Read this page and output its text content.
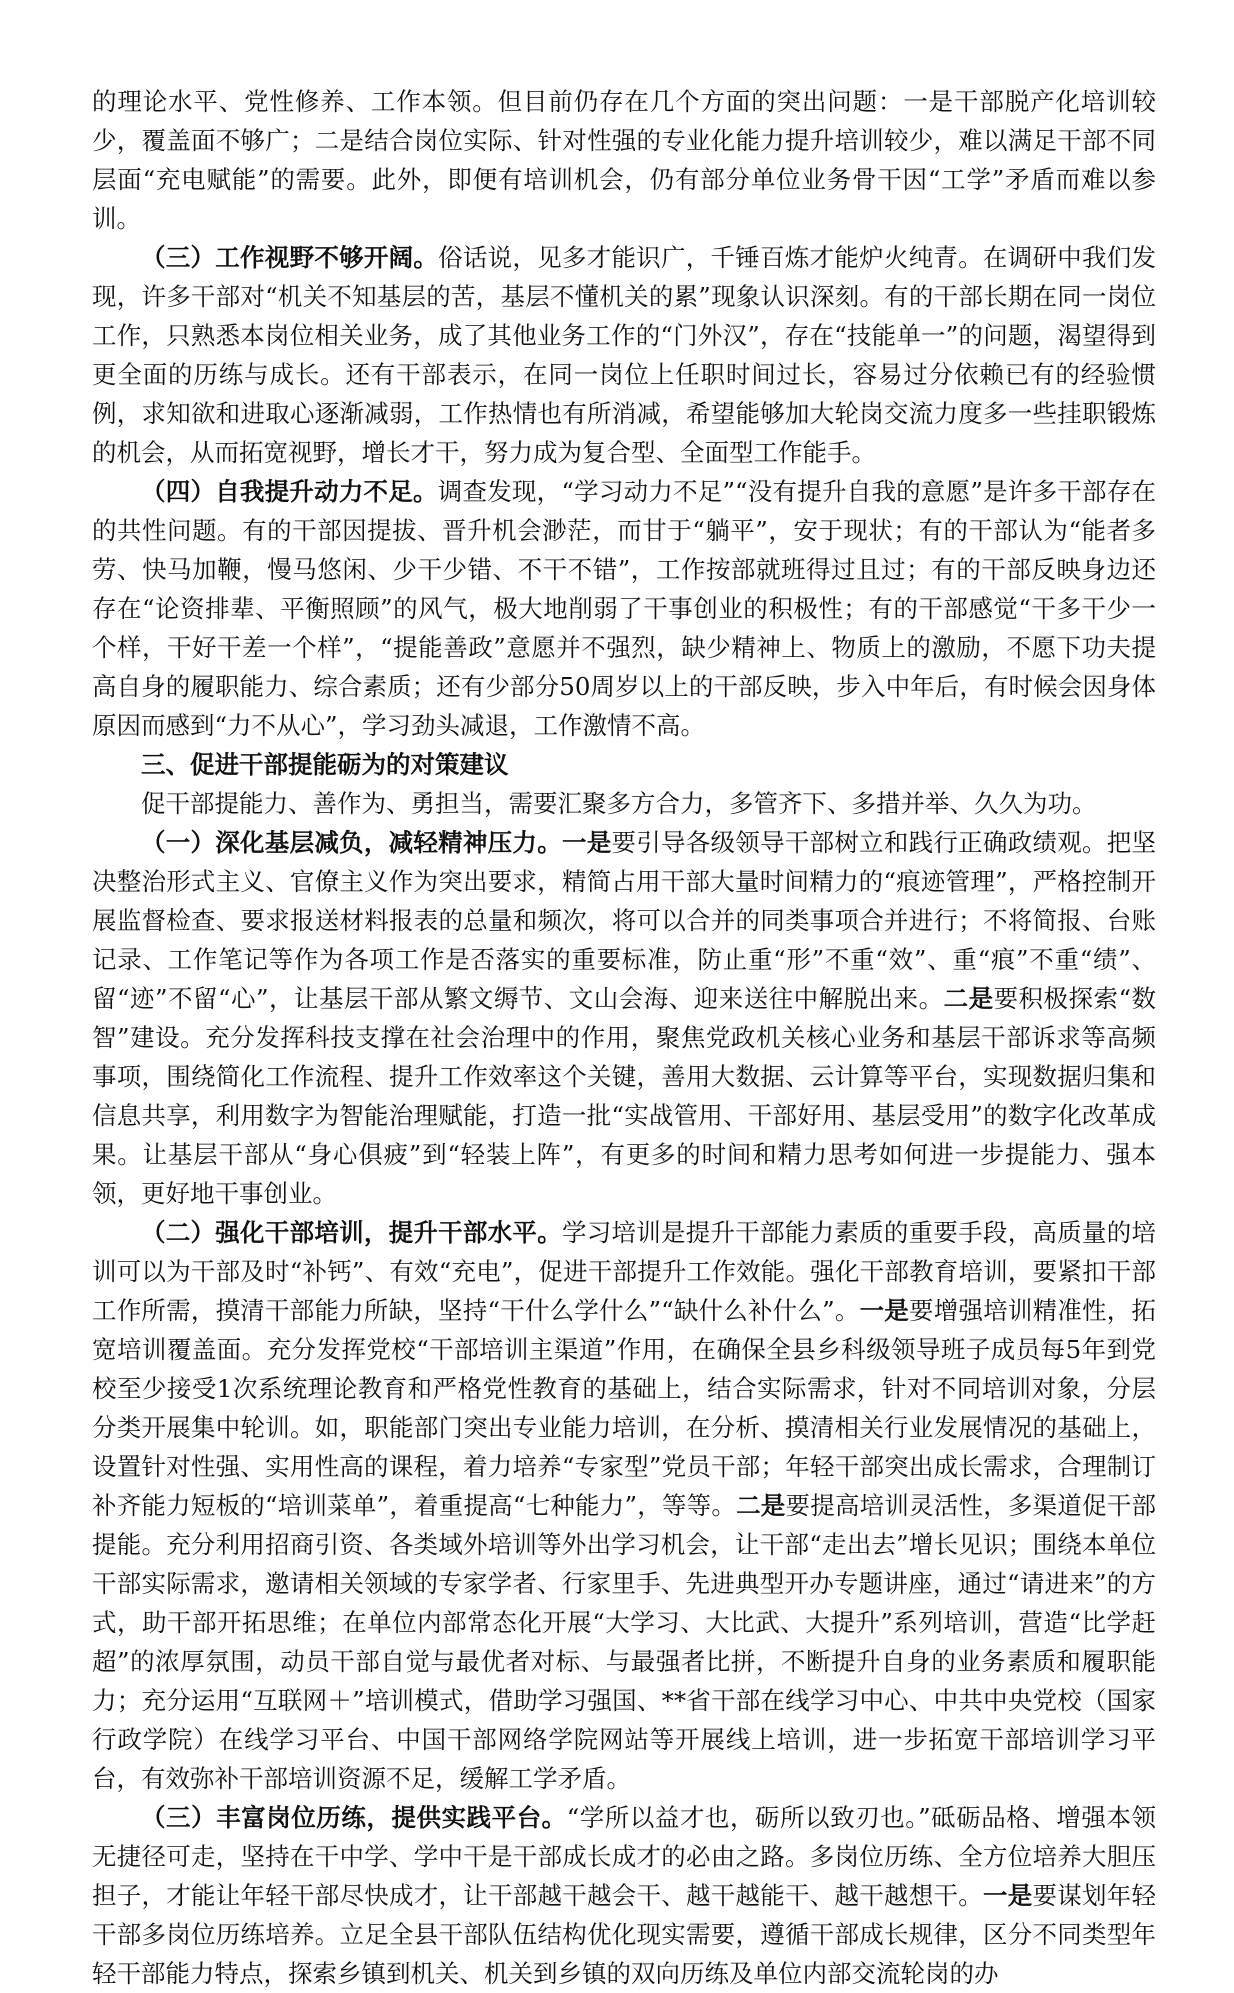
的理论水平、党性修养、工作本领。但目前仍存在几个方面的突出问题：一是干部脱产化培训较少，覆盖面不够广；二是结合岗位实际、针对性强的专业化能力提升培训较少，难以满足干部不同层面“充电赋能”的需要。此外，即便有培训机会，仍有部分单位业务骨干因“工学”矛盾而难以参训。

（三）工作视野不够开阔。俗话说，见多才能识广，千锤百炼才能炉火纯青。在调研中我们发现，许多干部对“机关不知基层的苦，基层不懂机关的累”现象认识深刻。有的干部长期在同一岗位工作，只熟悉本岗位相关业务，成了其他业务工作的“门外汉”，存在“技能单一”的问题，渴望得到更全面的历练与成长。还有干部表示，在同一岗位上任职时间过长，容易过分依赖已有的经验惯例，求知欲和进取心逐渐减弱，工作热情也有所消减，希望能够加大轮岗交流力度多一些挂职锻炼的机会，从而拓宽视野，增长才干，努力成为复合型、全面型工作能手。

（四）自我提升动力不足。调查发现，“学习动力不足”“没有提升自我的意愿”是许多干部存在的共性问题。有的干部因提拔、晋升机会渺茫，而甘于“躺平”，安于现状；有的干部认为“能者多劳、快马加鞭，慢马悠闲、少干少错、不干不错”，工作按部就班得过且过；有的干部反映身边还存在“论资排辈、平衡照顾”的风气，极大地削弱了干事创业的积极性；有的干部感觉“干多干少一个样，干好干差一个样”，“提能善政”意愿并不强烈，缺少精神上、物质上的激励，不愿下功夫提高自身的履职能力、综合素质；还有少部分50周岁以上的干部反映，步入中年后，有时候会因身体原因而感到“力不从心”，学习劲头减退，工作激情不高。

三、促进干部提能砺为的对策建议

促干部提能力、善作为、勇担当，需要汇聚多方合力，多管齐下、多措并举、久久为功。

（一）深化基层减负，减轻精神压力。一是要引导各级领导干部树立和践行正确政绩观。把坚决整治形式主义、官僚主义作为突出要求，精简占用干部大量时间精力的“痕迹管理”，严格控制开展监督检查、要求报送材料报表的总量和频次，将可以合并的同类事项合并进行；不将简报、台账记录、工作笔记等作为各项工作是否落实的重要标准，防止重“形”不重“效”、重“痕”不重“绩”、留“迹”不留“心”，让基层干部从繁文缛节、文山会海、迎来送往中解脱出来。二是要积极探索“数智”建设。充分发挥科技支撑在社会治理中的作用，聚焦党政机关核心业务和基层干部诉求等高频事项，围绕简化工作流程、提升工作效率这个关键，善用大数据、云计算等平台，实现数据归集和信息共享，利用数字为智能治理赋能，打造一批“实战管用、干部好用、基层受用”的数字化改革成果。让基层干部从“身心俱疲”到“轻装上阵”，有更多的时间和精力思考如何进一步提能力、强本领，更好地干事创业。

（二）强化干部培训，提升干部水平。学习培训是提升干部能力素质的重要手段，高质量的培训可以为干部及时“补钙”、有效“充电”，促进干部提升工作效能。强化干部教育培训，要紧扣干部工作所需，摸清干部能力所缺，坚持“干什么学什么”“缺什么补什么”。一是要增强培训精准性，拓宽培训覆盖面。充分发挥党校“干部培训主渠道”作用，在确保全县乡科级领导班子成员每5年到党校至少接受1次系统理论教育和严格党性教育的基础上，结合实际需求，针对不同培训对象，分层分类开展集中轮训。如，职能部门突出专业能力培训，在分析、摸清相关行业发展情况的基础上，设置针对性强、实用性高的课程，着力培养“专家型”党员干部；年轻干部突出成长需求，合理制订补齐能力短板的“培训菜单”，着重提高“七种能力”，等等。二是要提高培训灵活性，多渠道促干部提能。充分利用招商引资、各类域外培训等外出学习机会，让干部“走出去”增长见识；围绕本单位干部实际需求，邀请相关领域的专家学者、行家里手、先进典型开办专题讲座，通过“请进来”的方式，助干部开拓思维；在单位内部常态化开展“大学习、大比武、大提升”系列培训，营造“比学赶超”的浓厚氛围，动员干部自觉与最优者对标、与最强者比拼，不断提升自身的业务素质和履职能力；充分运用“互联网＋”培训模式，借助学习强国、**省干部在线学习中心、中共中央党校（国家行政学院）在线学习平台、中国干部网络学院网站等开展线上培训，进一步拓宽干部培训学习平台，有效弥补干部培训资源不足，缓解工学矛盾。

（三）丰富岗位历练，提供实践平台。“学所以益才也，砺所以致刃也。”砥砺品格、增强本领无捷径可走，坚持在干中学、学中干是干部成长成才的必由之路。多岗位历练、全方位培养大胆压担子，才能让年轻干部尽快成才，让干部越干越会干、越干越能干、越干越想干。一是要谋划年轻干部多岗位历练培养。立足全县干部队伍结构优化现实需要，遵循干部成长规律，区分不同类型年轻干部能力特点，探索乡镇到机关、机关到乡镇的双向历练及单位内部交流轮岗的办
